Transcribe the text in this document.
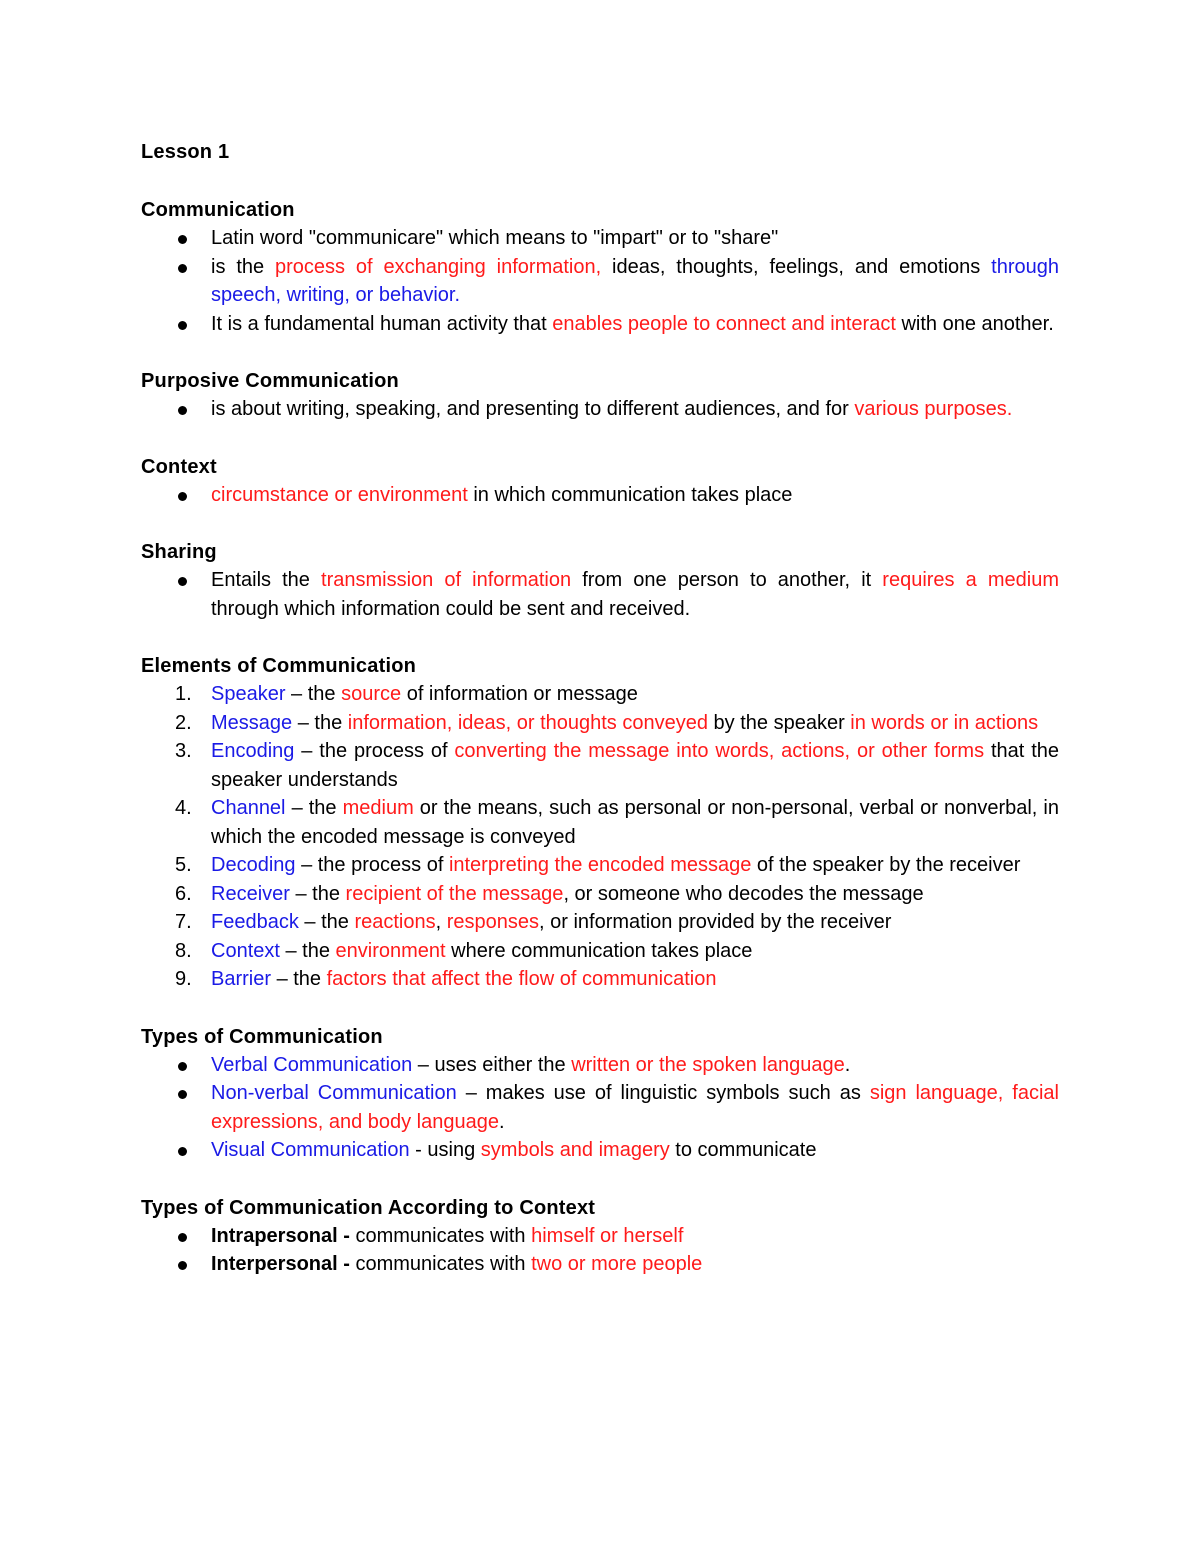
Lesson 1
Communication
Latin word "communicare" which means to "impart" or to "share"
is the process of exchanging information, ideas, thoughts, feelings, and emotions through speech, writing, or behavior.
It is a fundamental human activity that enables people to connect and interact with one another.
Purposive Communication
is about writing, speaking, and presenting to different audiences, and for various purposes.
Context
circumstance or environment in which communication takes place
Sharing
Entails the transmission of information from one person to another, it requires a medium through which information could be sent and received.
Elements of Communication
1. Speaker – the source of information or message
2. Message – the information, ideas, or thoughts conveyed by the speaker in words or in actions
3. Encoding – the process of converting the message into words, actions, or other forms that the speaker understands
4. Channel – the medium or the means, such as personal or non-personal, verbal or nonverbal, in which the encoded message is conveyed
5. Decoding – the process of interpreting the encoded message of the speaker by the receiver
6. Receiver – the recipient of the message, or someone who decodes the message
7. Feedback – the reactions, responses, or information provided by the receiver
8. Context – the environment where communication takes place
9. Barrier – the factors that affect the flow of communication
Types of Communication
Verbal Communication – uses either the written or the spoken language.
Non-verbal Communication – makes use of linguistic symbols such as sign language, facial expressions, and body language.
Visual Communication - using symbols and imagery to communicate
Types of Communication According to Context
Intrapersonal - communicates with himself or herself
Interpersonal - communicates with two or more people
